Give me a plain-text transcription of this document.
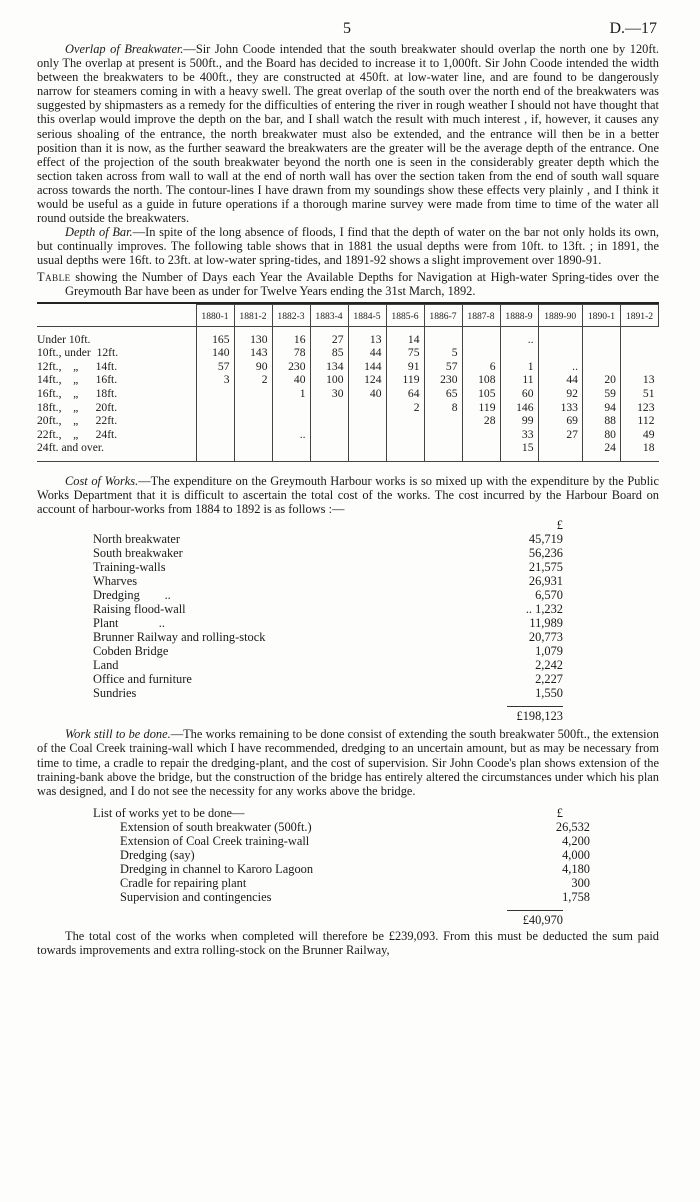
5	D.—17

Overlap of Breakwater.—Sir John Coode intended that the south breakwater should overlap the north one by 120ft. only The overlap at present is 500ft., and the Board has decided to increase it to 1,000ft. Sir John Coode intended the width between the breakwaters to be 400ft., they are constructed at 450ft. at low-water line, and are found to be dangerously narrow for steamers coming in with a heavy swell. The great overlap of the south over the north end of the breakwaters was suggested by shipmasters as a remedy for the difficulties of entering the river in rough weather I should not have thought that this overlap would improve the depth on the bar, and I shall watch the result with much interest , if, however, it causes any serious shoaling of the entrance, the north breakwater must also be extended, and the entrance will then be in a better position than it is now, as the further seaward the breakwaters are the greater will be the average depth of the entrance. One effect of the projection of the south breakwater beyond the north one is seen in the considerably greater depth which the section taken across from wall to wall at the end of north wall has over the section taken from the end of south wall square across towards the north. The contour-lines I have drawn from my soundings show these effects very plainly , and I think it would be useful as a guide in future operations if a thorough marine survey were made from time to time of the water all round outside the breakwaters.

Depth of Bar.—In spite of the long absence of floods, I find that the depth of water on the bar not only holds its own, but continually improves. The following table shows that in 1881 the usual depths were from 10ft. to 13ft. ; in 1891, the usual depths were 16ft. to 23ft. at low-water spring-tides, and 1891-92 shows a slight improvement over 1890-91.

Table showing the Number of Days each Year the Available Depths for Navigation at High-water Spring-tides over the Greymouth Bar have been as under for Twelve Years ending the 31st March, 1892.
	1880-1	1881-2	1882-3	1883-4	1884-5	1885-6	1886-7	1887-8	1888-9	1889-90	1890-1	1891-2
Under 10ft.	165	130	16	27	13	14			..			
10ft., under  12ft.	140	143	78	85	44	75	5					
12ft.,    „      14ft.	57	90	230	134	144	91	57	6	1	..		
14ft.,    „      16ft.	3	2	40	100	124	119	230	108	11	44	20	13
16ft.,    „      18ft.			1	30	40	64	65	105	60	92	59	51
18ft.,    „      20ft.						2	8	119	146	133	94	123
20ft.,    „      22ft.								28	99	69	88	112
22ft.,    „      24ft.			..						33	27	80	49
24ft. and over.									15		24	18

Cost of Works.—The expenditure on the Greymouth Harbour works is so mixed up with the expenditure by the Public Works Department that it is difficult to ascertain the total cost of the works. The cost incurred by the Harbour Board on account of harbour-works from 1884 to 1892 is as follows :—

£
North breakwater	45,719
South breakwaker	56,236
Training-walls	21,575
Wharves	26,931
Dredging        ..	6,570
Raising flood-wall	.. 1,232
Plant             ..	11,989
Brunner Railway and rolling-stock	20,773
Cobden Bridge	1,079
Land	2,242
Office and furniture	2,227
Sundries	1,550
£198,123

Work still to be done.—The works remaining to be done consist of extending the south breakwater 500ft., the extension of the Coal Creek training-wall which I have recommended, dredging to an uncertain amount, but as may be necessary from time to time, a cradle to repair the dredging-plant, and the cost of supervision. Sir John Coode's plan shows extension of the training-bank above the bridge, but the construction of the bridge has entirely altered the circumstances under which his plan was designed, and I do not see the necessity for any works above the bridge.

List of works yet to be done—	£
Extension of south breakwater (500ft.)	26,532
Extension of Coal Creek training-wall	4,200
Dredging (say)	4,000
Dredging in channel to Karoro Lagoon	4,180
Cradle for repairing plant	300
Supervision and contingencies	1,758
£40,970

The total cost of the works when completed will therefore be £239,093. From this must be deducted the sum paid towards improvements and extra rolling-stock on the Brunner Railway,
